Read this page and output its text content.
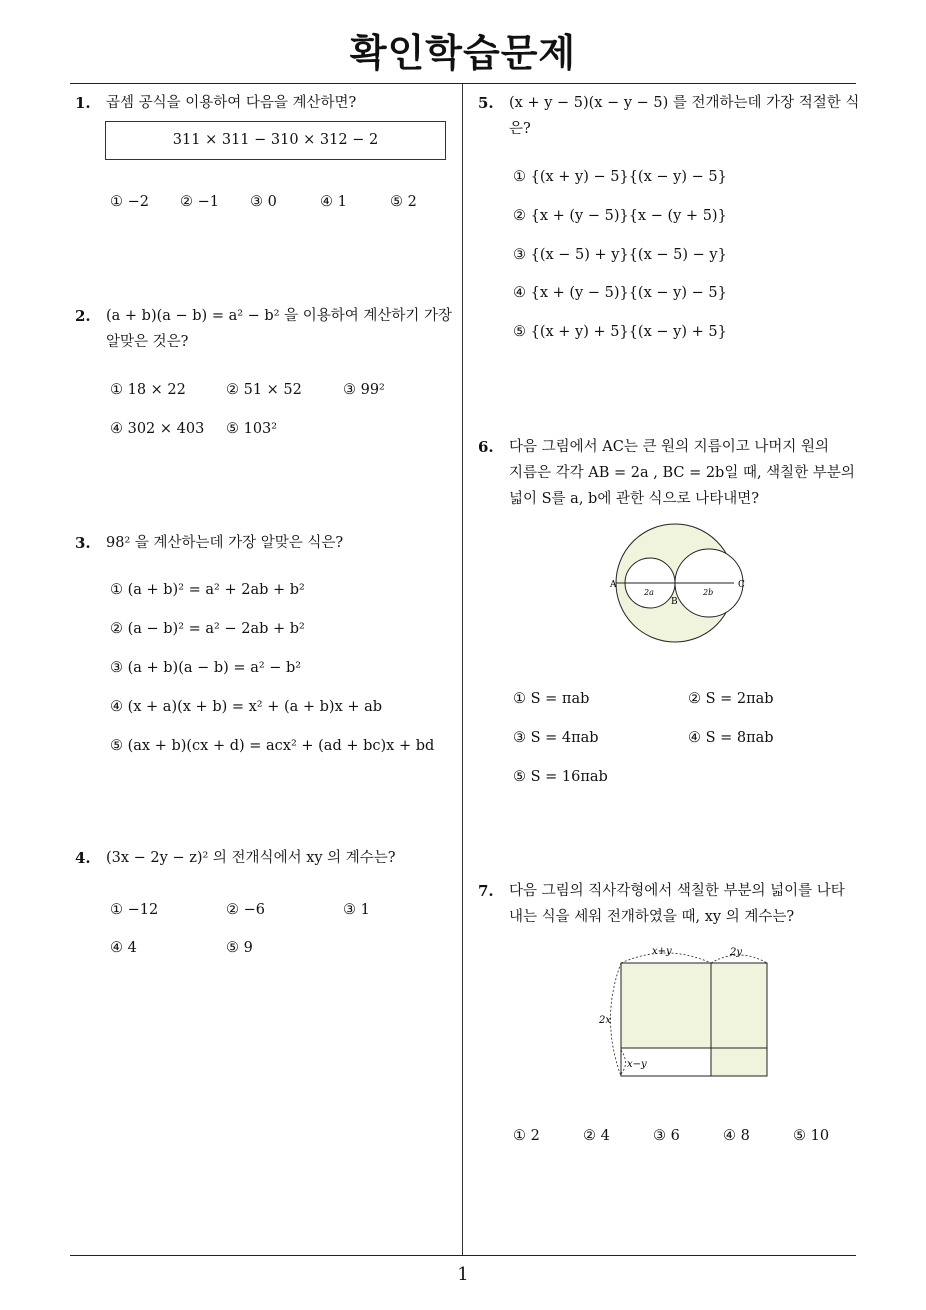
확인학습문제
1
1. 곱셈 공식을 이용하여 다음을 계산하면?
311 × 311 − 310 × 312 − 2
① −2 ② −1 ③ 0	④ 1	⑤ 2
2. (a + b)(a − b) = a² − b² 을 이용하여 계산하기 가장
알맞은 것은?
① 18 × 22	② 51 × 52	③ 99²
④ 302 × 403 ⑤ 103²
3. 98² 을 계산하는데 가장 알맞은 식은?
① (a + b)² = a² + 2ab + b²
② (a − b)² = a² − 2ab + b²
③ (a + b)(a − b) = a² − b²
④ (x + a)(x + b) = x² + (a + b)x + ab
⑤ (ax + b)(cx + d) = acx² + (ad + bc)x + bd
4. (3x − 2y − z)² 의 전개식에서 xy 의 계수는?
① −12	② −6	③ 1
④ 4	⑤ 9
5. (x + y − 5)(x − y − 5) 를 전개하는데 가장 적절한 식
은?
① {(x + y) − 5}{(x − y) − 5}
② {x + (y − 5)}{x − (y + 5)}
③ {(x − 5) + y}{(x − 5) − y}
④ {x + (y − 5)}{(x − y) − 5}
⑤ {(x + y) + 5}{(x − y) + 5}
6. 다음 그림에서 AC는 큰 원의 지름이고 나머지 원의
지름은 각각 AB = 2a , BC = 2b일 때, 색칠한 부분의
넓이 S를 a, b에 관한 식으로 나타내면?
A
B
C
2a	2b
① S = πab	② S = 2πab
③ S = 4πab	④ S = 8πab
⑤ S = 16πab
7. 다음 그림의 직사각형에서 색칠한 부분의 넓이를 나타
내는 식을 세워 전개하였을 때, xy 의 계수는?
x+y	2y
2x
x−y
① 2	② 4	③ 6	④ 8	⑤ 10
